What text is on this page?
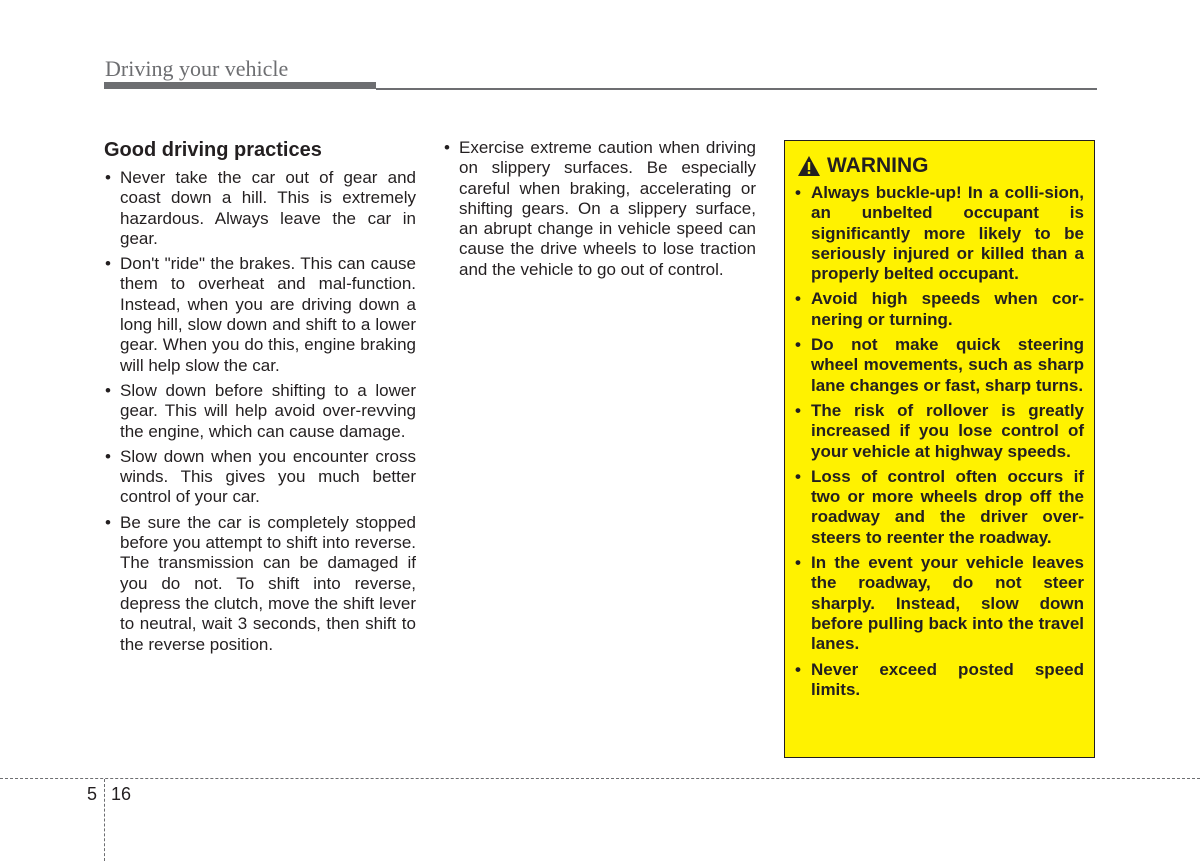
Driving your vehicle
Good driving practices
• Never take the car out of gear and coast down a hill. This is extremely hazardous. Always leave the car in gear.
• Don't "ride" the brakes. This can cause them to overheat and mal-function. Instead, when you are driving down a long hill, slow down and shift to a lower gear. When you do this, engine braking will help slow the car.
• Slow down before shifting to a lower gear. This will help avoid over-revving the engine, which can cause damage.
• Slow down when you encounter cross winds. This gives you much better control of your car.
• Be sure the car is completely stopped before you attempt to shift into reverse. The transmission can be damaged if you do not. To shift into reverse, depress the clutch, move the shift lever to neutral, wait 3 seconds, then shift to the reverse position.
• Exercise extreme caution when driving on slippery surfaces. Be especially careful when braking, accelerating or shifting gears. On a slippery surface, an abrupt change in vehicle speed can cause the drive wheels to lose traction and the vehicle to go out of control.
WARNING
• Always buckle-up! In a colli-sion, an unbelted occupant is significantly more likely to be seriously injured or killed than a properly belted occupant.
• Avoid high speeds when cor-nering or turning.
• Do not make quick steering wheel movements, such as sharp lane changes or fast, sharp turns.
• The risk of rollover is greatly increased if you lose control of your vehicle at highway speeds.
• Loss of control often occurs if two or more wheels drop off the roadway and the driver over-steers to reenter the roadway.
• In the event your vehicle leaves the roadway, do not steer sharply. Instead, slow down before pulling back into the travel lanes.
• Never exceed posted speed limits.
5 16
